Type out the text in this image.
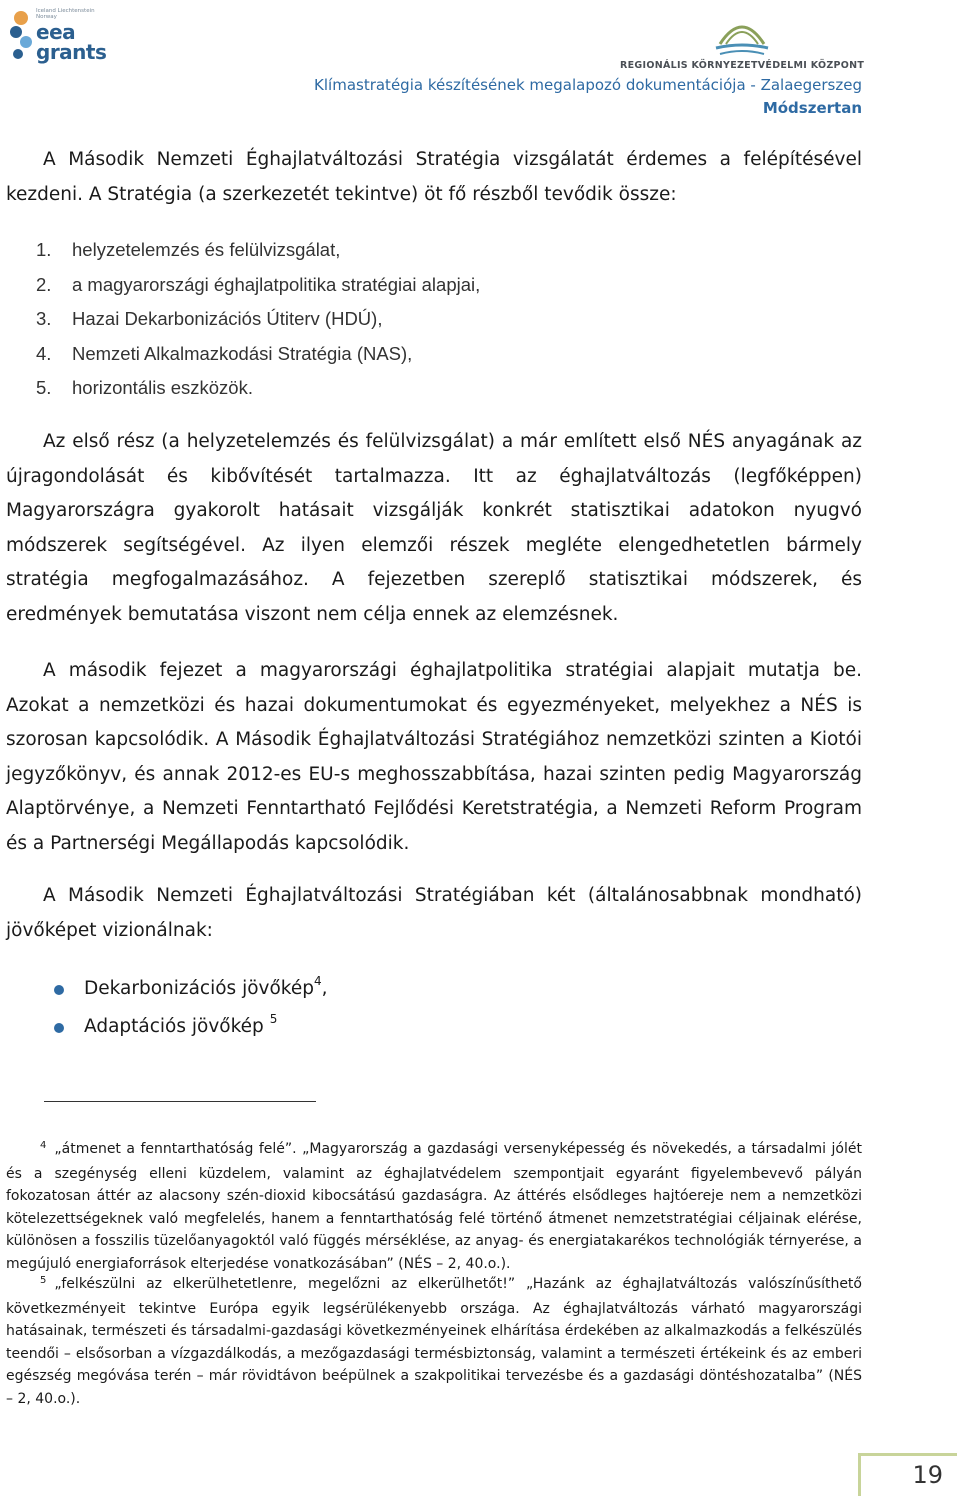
Iceland Liechtenstein Norway
eea grants
REGIONÁLIS KÖRNYEZETVÉDELMI KÖZPONT
Klímastratégia készítésének megalapozó dokumentációja - Zalaegerszeg
Módszertan

A Második Nemzeti Éghajlatváltozási Stratégia vizsgálatát érdemes a felépítésével kezdeni. A Stratégia (a szerkezetét tekintve) öt fő részből tevődik össze:

1. helyzetelemzés és felülvizsgálat,
2. a magyarországi éghajlatpolitika stratégiai alapjai,
3. Hazai Dekarbonizációs Útiterv (HDÚ),
4. Nemzeti Alkalmazkodási Stratégia (NAS),
5. horizontális eszközök.

Az első rész (a helyzetelemzés és felülvizsgálat) a már említett első NÉS anyagának az újragondolását és kibővítését tartalmazza. Itt az éghajlatváltozás (legfőképpen) Magyarországra gyakorolt hatásait vizsgálják konkrét statisztikai adatokon nyugvó módszerek segítségével. Az ilyen elemzői részek megléte elengedhetetlen bármely stratégia megfogalmazásához. A fejezetben szereplő statisztikai módszerek, és eredmények bemutatása viszont nem célja ennek az elemzésnek.

A második fejezet a magyarországi éghajlatpolitika stratégiai alapjait mutatja be. Azokat a nemzetközi és hazai dokumentumokat és egyezményeket, melyekhez a NÉS is szorosan kapcsolódik. A Második Éghajlatváltozási Stratégiához nemzetközi szinten a Kiotói jegyzőkönyv, és annak 2012-es EU-s meghosszabbítása, hazai szinten pedig Magyarország Alaptörvénye, a Nemzeti Fenntartható Fejlődési Keretstratégia, a Nemzeti Reform Program és a Partnerségi Megállapodás kapcsolódik.

A Második Nemzeti Éghajlatváltozási Stratégiában két (általánosabbnak mondható) jövőképet vizionálnak:

Dekarbonizációs jövőkép$^4$,
Adaptációs jövőkép $^5$

$^4$ „átmenet a fenntarthatóság felé”. „Magyarország a gazdasági versenyképesség és növekedés, a társadalmi jólét és a szegénység elleni küzdelem, valamint az éghajlatvédelem szempontjait egyaránt figyelembevevő pályán fokozatosan áttér az alacsony szén-dioxid kibocsátású gazdaságra. Az áttérés elsődleges hajtóereje nem a nemzetközi kötelezettségeknek való megfelelés, hanem a fenntarthatóság felé történő átmenet nemzetstratégiai céljainak elérése, különösen a fosszilis tüzelőanyagoktól való függés mérséklése, az anyag- és energiatakarékos technológiák térnyerése, a megújuló energiaforrások elterjedése vonatkozásában” (NÉS – 2, 40.o.).

$^5$ „felkészülni az elkerülhetetlenre, megelőzni az elkerülhetőt!” „Hazánk az éghajlatváltozás valószínűsíthető következményeit tekintve Európa egyik legsérülékenyebb országa. Az éghajlatváltozás várható magyarországi hatásainak, természeti és társadalmi-gazdasági következményeinek elhárítása érdekében az alkalmazkodás a felkészülés teendői – elsősorban a vízgazdálkodás, a mezőgazdasági termésbiztonság, valamint a természeti értékeink és az emberi egészség megóvása terén – már rövidtávon beépülnek a szakpolitikai tervezésbe és a gazdasági döntéshozatalba” (NÉS – 2, 40.o.).

19
